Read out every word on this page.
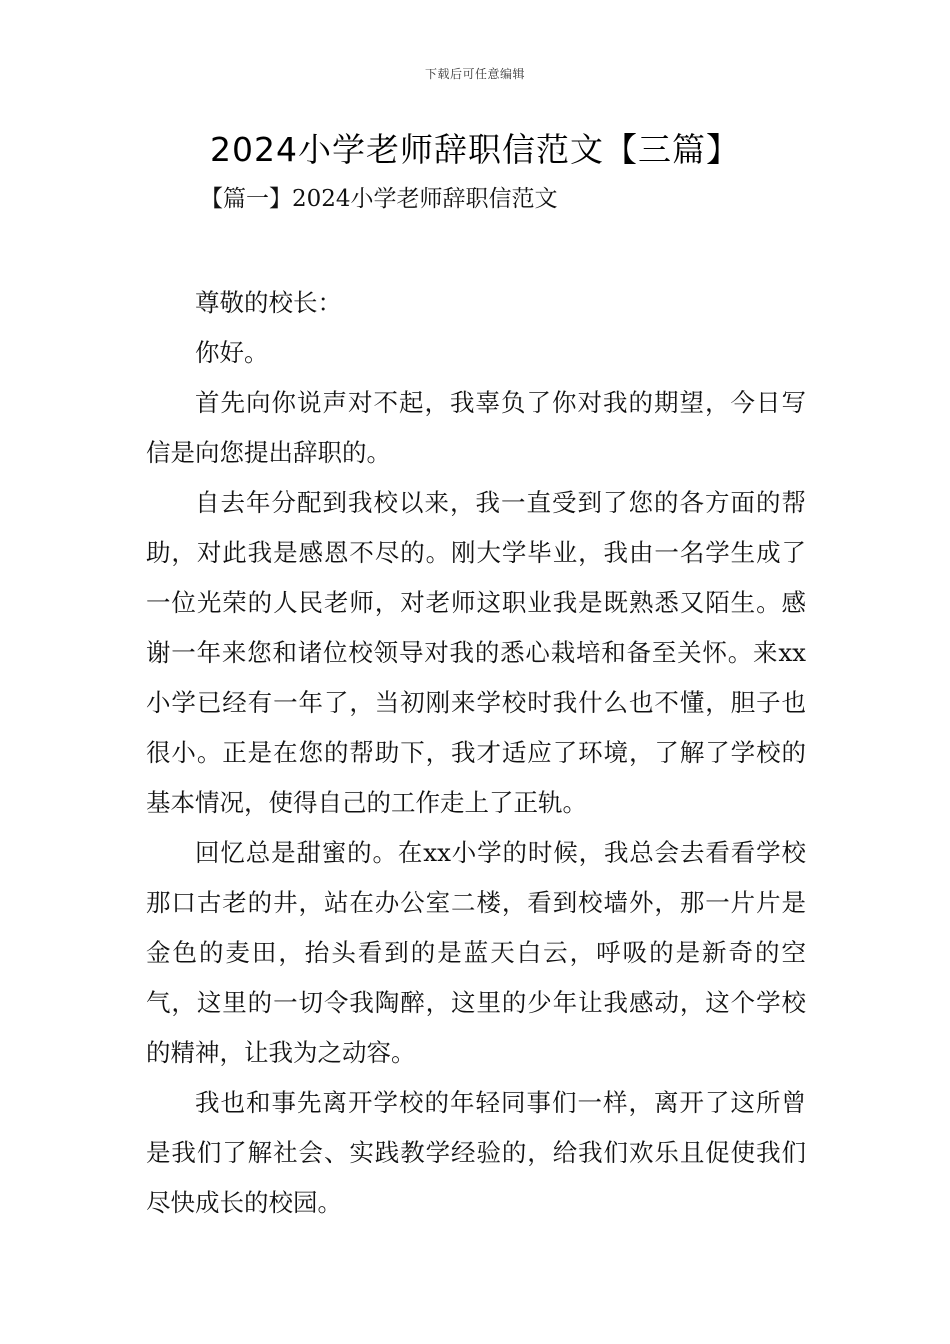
下载后可任意编辑
2024小学老师辞职信范文【三篇】
【篇一】2024小学老师辞职信范文

尊敬的校长：

你好。

首先向你说声对不起，我辜负了你对我的期望，今日写信是向您提出辞职的。

自去年分配到我校以来，我一直受到了您的各方面的帮助，对此我是感恩不尽的。刚大学毕业，我由一名学生成了一位光荣的人民老师，对老师这职业我是既熟悉又陌生。感谢一年来您和诸位校领导对我的悉心栽培和备至关怀。来xx小学已经有一年了，当初刚来学校时我什么也不懂，胆子也很小。正是在您的帮助下，我才适应了环境，了解了学校的基本情况，使得自己的工作走上了正轨。

回忆总是甜蜜的。在xx小学的时候，我总会去看看学校那口古老的井，站在办公室二楼，看到校墙外，那一片片是金色的麦田，抬头看到的是蓝天白云，呼吸的是新奇的空气，这里的一切令我陶醉，这里的少年让我感动，这个学校的精神，让我为之动容。

我也和事先离开学校的年轻同事们一样，离开了这所曾是我们了解社会、实践教学经验的，给我们欢乐且促使我们尽快成长的校园。
